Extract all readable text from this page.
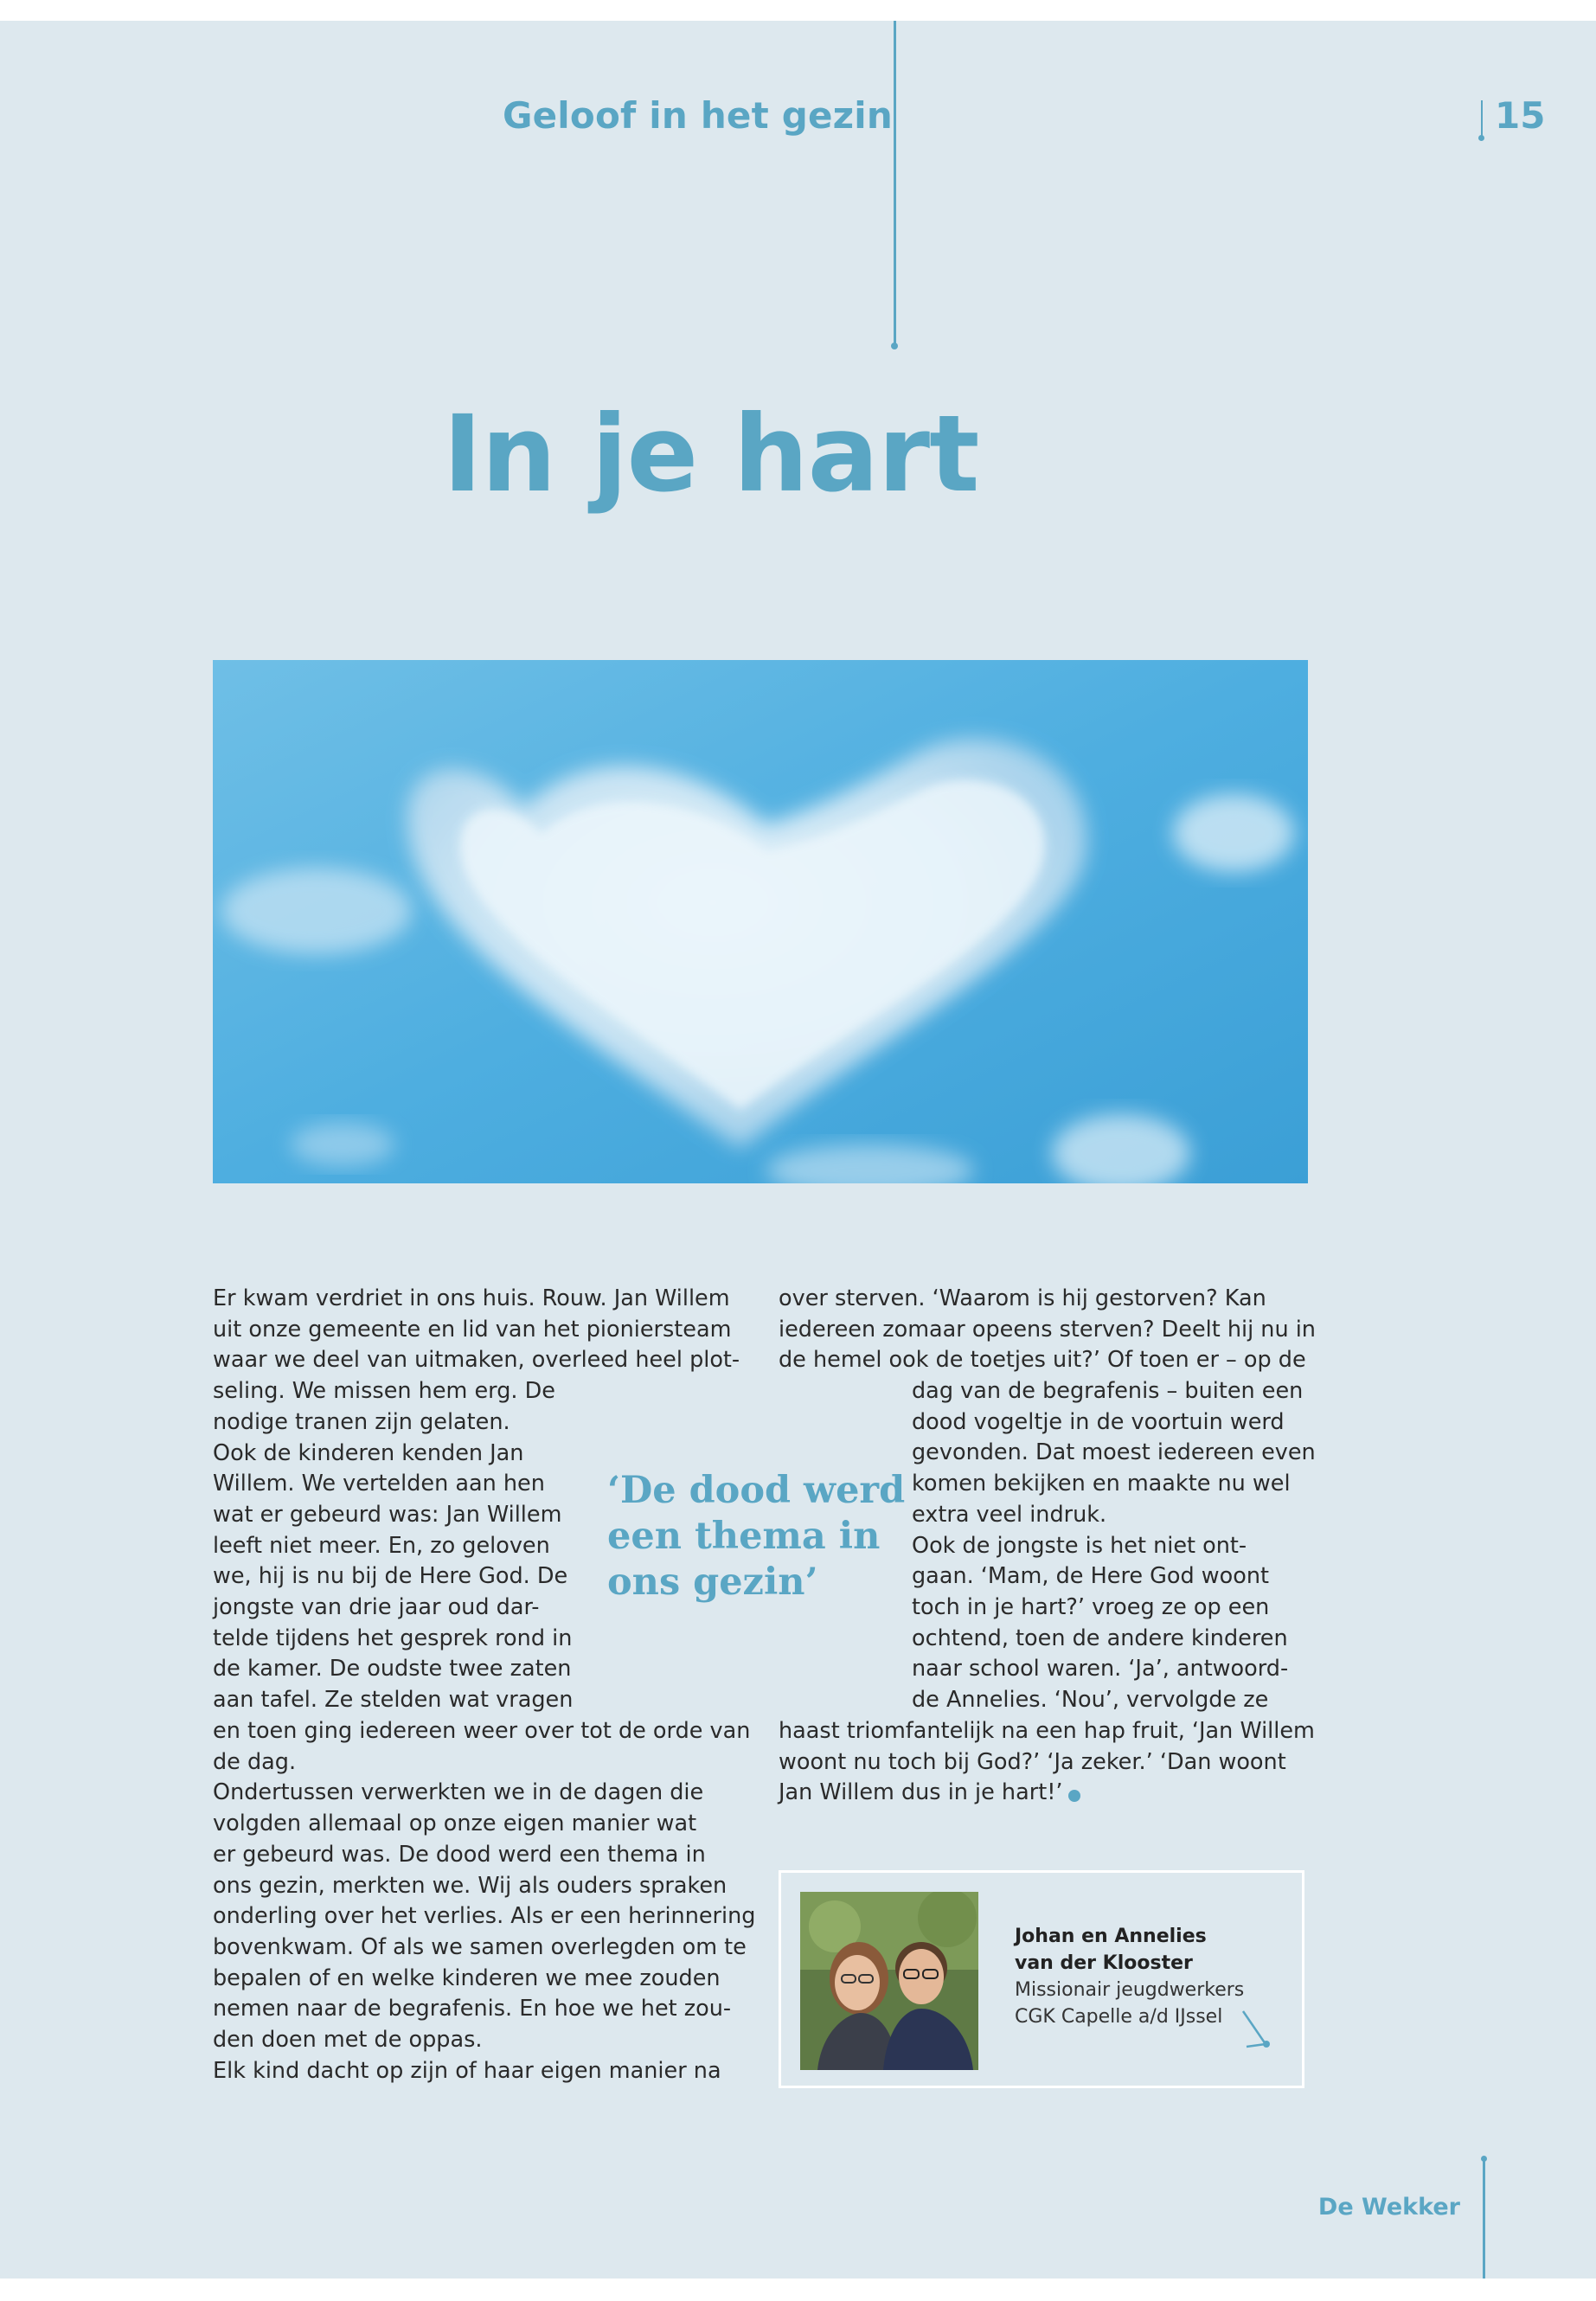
Geloof in het gezin	15
In je hart
Er kwam verdriet in ons huis. Rouw. Jan Willem
uit onze gemeente en lid van het pioniersteam
waar we deel van uitmaken, overleed heel plot-
seling. We missen hem erg. De
nodige tranen zijn gelaten.
Ook de kinderen kenden Jan
Willem. We vertelden aan hen
wat er gebeurd was: Jan Willem
leeft niet meer. En, zo geloven
we, hij is nu bij de Here God. De
jongste van drie jaar oud dar-
telde tijdens het gesprek rond in
de kamer. De oudste twee zaten
aan tafel. Ze stelden wat vragen
en toen ging iedereen weer over tot de orde van
de dag.
Ondertussen verwerkten we in de dagen die
volgden allemaal op onze eigen manier wat
er gebeurd was. De dood werd een thema in
ons gezin, merkten we. Wij als ouders spraken
onderling over het verlies. Als er een herinnering
bovenkwam. Of als we samen overlegden om te
bepalen of en welke kinderen we mee zouden
nemen naar de begrafenis. En hoe we het zou-
den doen met de oppas.
Elk kind dacht op zijn of haar eigen manier na
‘De dood werd
een thema in
ons gezin’
over sterven. ‘Waarom is hij gestorven? Kan
iedereen zomaar opeens sterven? Deelt hij nu in
de hemel ook de toetjes uit?’ Of toen er – op de
dag van de begrafenis – buiten een
dood vogeltje in de voortuin werd
gevonden. Dat moest iedereen even
komen bekijken en maakte nu wel
extra veel indruk.
Ook de jongste is het niet ont-
gaan. ‘Mam, de Here God woont
toch in je hart?’ vroeg ze op een
ochtend, toen de andere kinderen
naar school waren. ‘Ja’, antwoord-
de Annelies. ‘Nou’, vervolgde ze
haast triomfantelijk na een hap fruit, ‘Jan Willem
woont nu toch bij God?’ ‘Ja zeker.’ ‘Dan woont
Jan Willem dus in je hart!’
Johan en Annelies
van der Klooster
Missionair jeugdwerkers
CGK Capelle a/d IJssel
De Wekker
